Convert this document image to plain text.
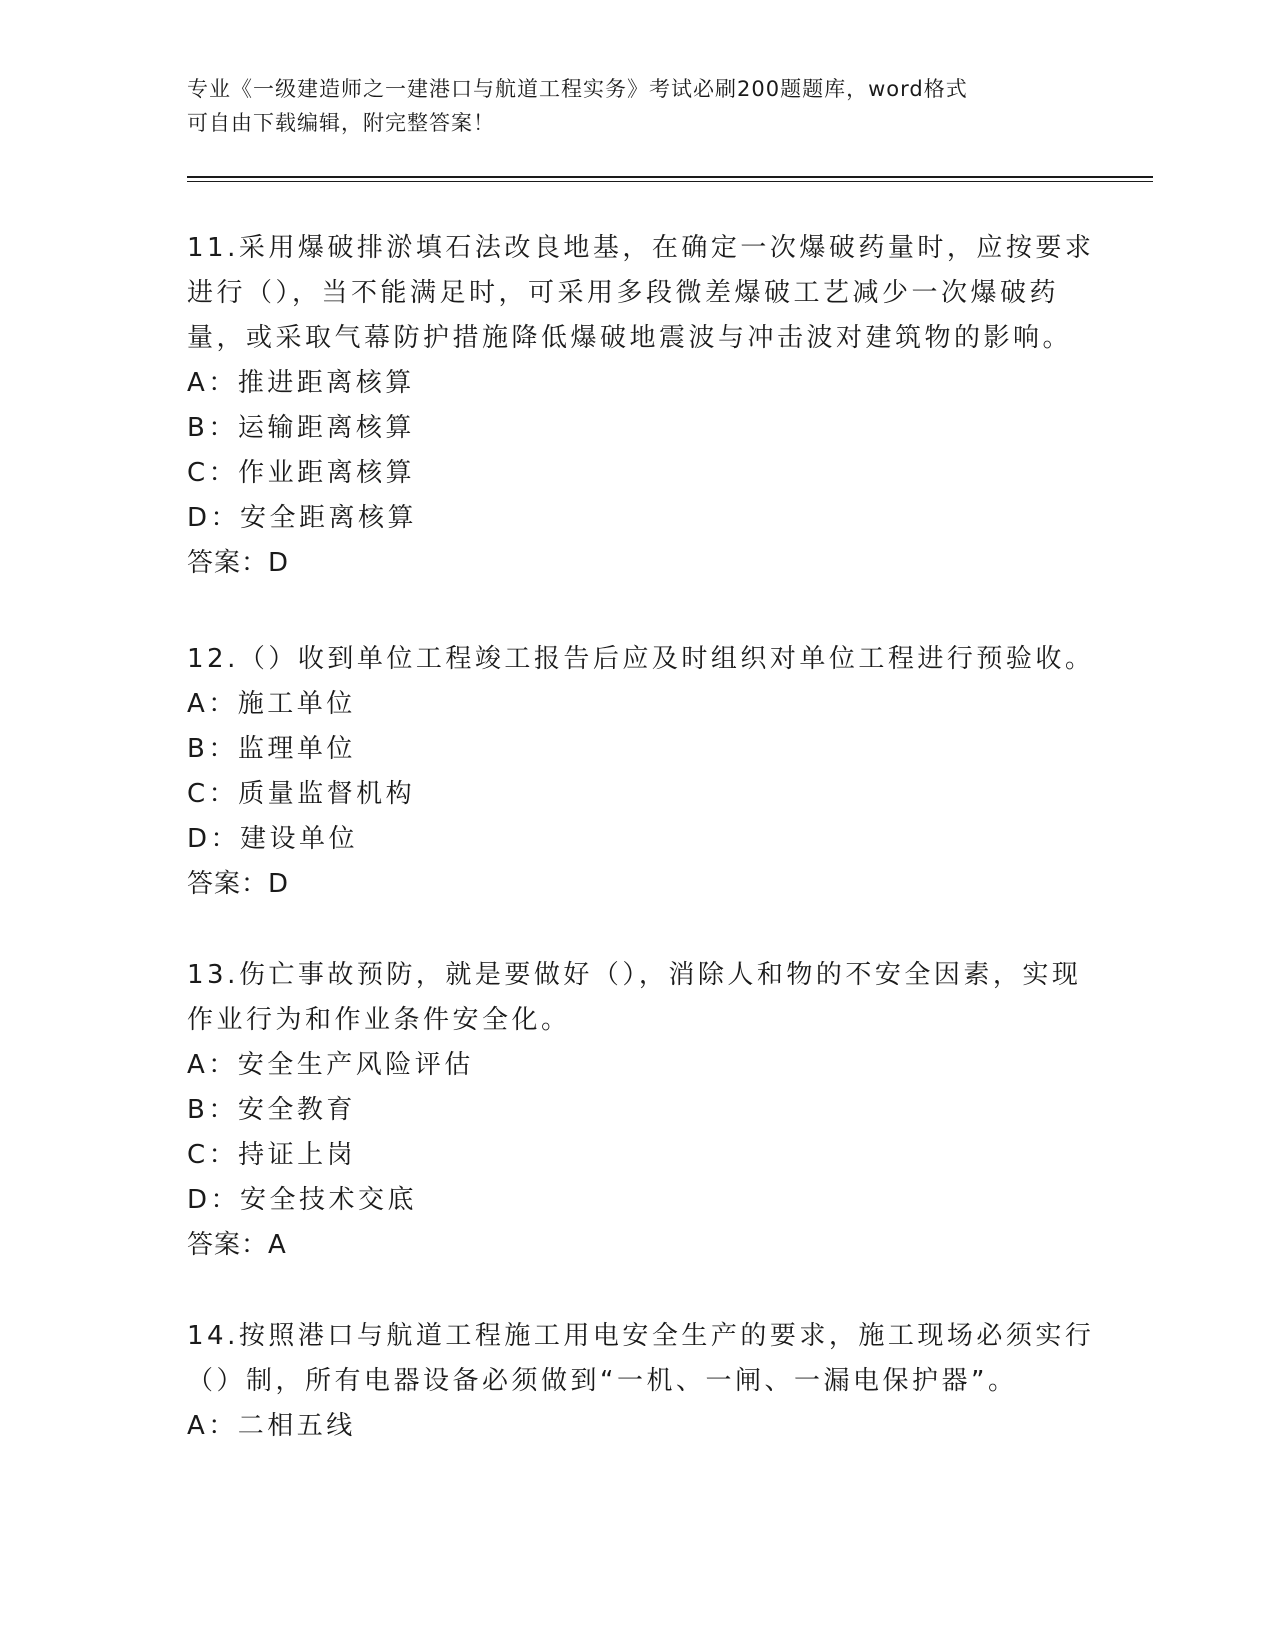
专业《一级建造师之一建港口与航道工程实务》考试必刷200题题库，word格式
可自由下载编辑，附完整答案！
11.采用爆破排淤填石法改良地基，在确定一次爆破药量时，应按要求
进行（），当不能满足时，可采用多段微差爆破工艺减少一次爆破药
量，或采取气幕防护措施降低爆破地震波与冲击波对建筑物的影响。
A：推进距离核算
B：运输距离核算
C：作业距离核算
D：安全距离核算
答案：D
12.（）收到单位工程竣工报告后应及时组织对单位工程进行预验收。
A：施工单位
B：监理单位
C：质量监督机构
D：建设单位
答案：D
13.伤亡事故预防，就是要做好（），消除人和物的不安全因素，实现
作业行为和作业条件安全化。
A：安全生产风险评估
B：安全教育
C：持证上岗
D：安全技术交底
答案：A
14.按照港口与航道工程施工用电安全生产的要求，施工现场必须实行
（）制，所有电器设备必须做到“一机、一闸、一漏电保护器”。
A：二相五线
